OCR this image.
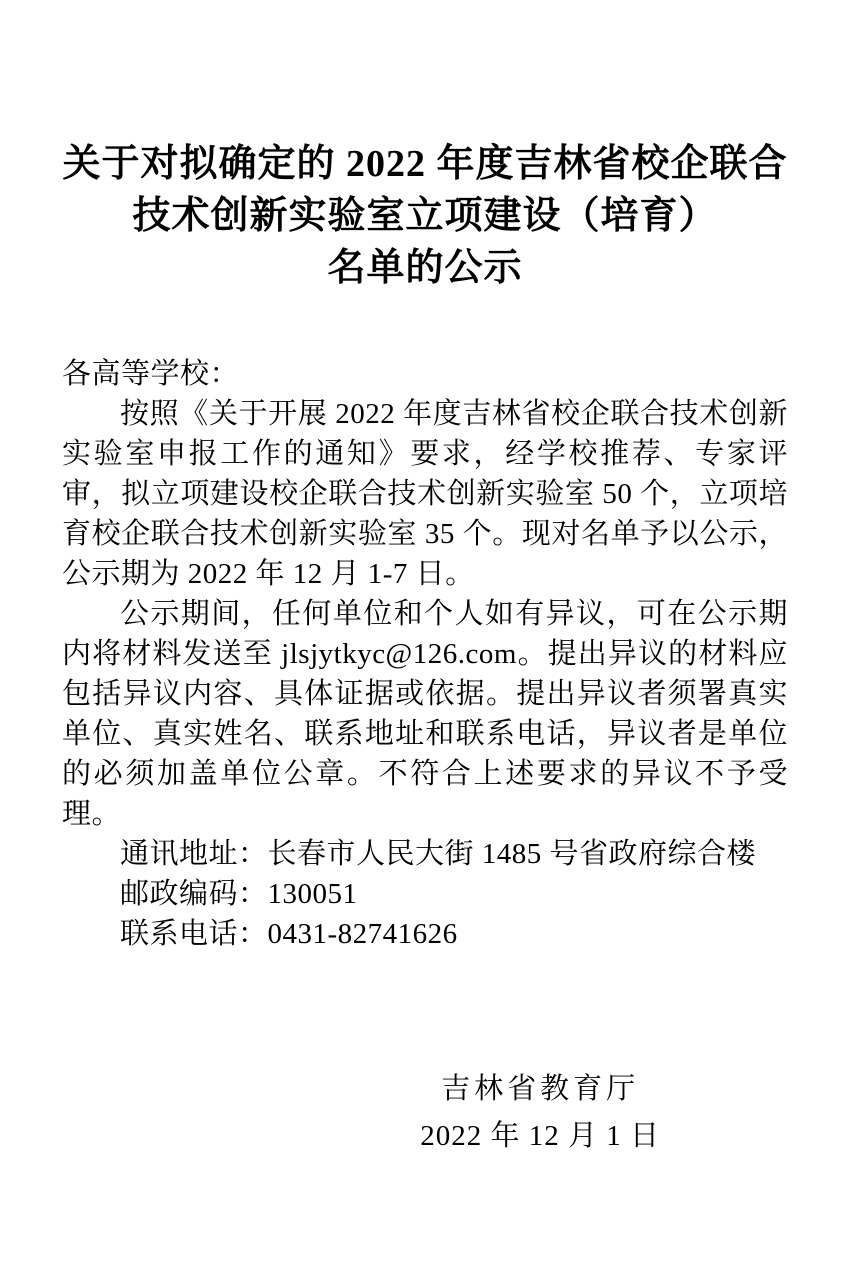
关于对拟确定的 2022 年度吉林省校企联合
技术创新实验室立项建设（培育）
名单的公示

各高等学校：

按照《关于开展 2022 年度吉林省校企联合技术创新实验室申报工作的通知》要求，经学校推荐、专家评审，拟立项建设校企联合技术创新实验室 50 个，立项培育校企联合技术创新实验室 35 个。现对名单予以公示，公示期为 2022 年 12 月 1-7 日。

公示期间，任何单位和个人如有异议，可在公示期内将材料发送至 jlsjytkyc@126.com。提出异议的材料应包括异议内容、具体证据或依据。提出异议者须署真实单位、真实姓名、联系地址和联系电话，异议者是单位的必须加盖单位公章。不符合上述要求的异议不予受理。

通讯地址：长春市人民大街 1485 号省政府综合楼

邮政编码：130051

联系电话：0431-82741626

吉林省教育厅
2022 年 12 月 1 日
